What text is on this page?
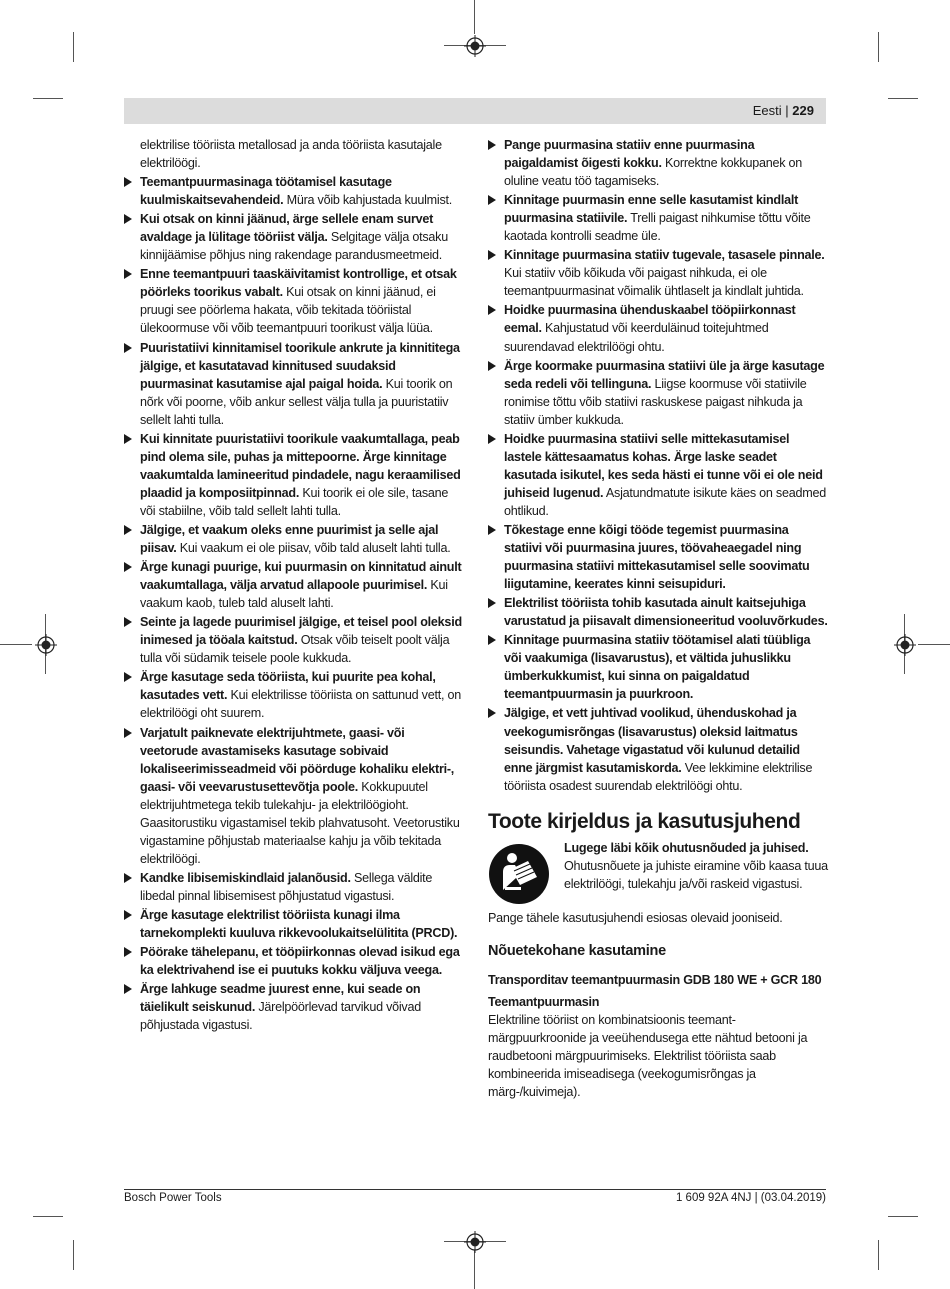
Eesti | 229

elektrilise tööriista metallosad ja anda tööriista kasutajale elektrilöögi.

Teemantpuurmasinaga töötamisel kasutage kuulmiskaitsevahendeid. Müra võib kahjustada kuulmist.
Kui otsak on kinni jäänud, ärge sellele enam survet avaldage ja lülitage tööriist välja. Selgitage välja otsaku kinnijäämise põhjus ning rakendage parandusmeetmeid.
Enne teemantpuuri taaskäivitamist kontrollige, et otsak pöörleks toorikus vabalt. Kui otsak on kinni jäänud, ei pruugi see pöörlema hakata, võib tekitada tööriistal ülekoormuse või võib teemantpuuri toorikust välja lüüa.
Puuristatiivi kinnitamisel toorikule ankrute ja kinnititega jälgige, et kasutatavad kinnitused suudaksid puurmasinat kasutamise ajal paigal hoida. Kui toorik on nõrk või poorne, võib ankur sellest välja tulla ja puuristatiiv sellelt lahti tulla.
Kui kinnitate puuristatiivi toorikule vaakumtallaga, peab pind olema sile, puhas ja mittepoorne. Ärge kinnitage vaakumtalda lamineeritud pindadele, nagu keraamilised plaadid ja komposiitpinnad. Kui toorik ei ole sile, tasane või stabiilne, võib tald sellelt lahti tulla.
Jälgige, et vaakum oleks enne puurimist ja selle ajal piisav. Kui vaakum ei ole piisav, võib tald aluselt lahti tulla.
Ärge kunagi puurige, kui puurmasin on kinnitatud ainult vaakumtallaga, välja arvatud allapoole puurimisel. Kui vaakum kaob, tuleb tald aluselt lahti.
Seinte ja lagede puurimisel jälgige, et teisel pool oleksid inimesed ja tööala kaitstud. Otsak võib teiselt poolt välja tulla või südamik teisele poole kukkuda.
Ärge kasutage seda tööriista, kui puurite pea kohal, kasutades vett. Kui elektrilisse tööriista on sattunud vett, on elektrilöögi oht suurem.
Varjatult paiknevate elektrijuhtmete, gaasi- või veetorude avastamiseks kasutage sobivaid lokaliseerimisseadmeid või pöörduge kohaliku elektri-, gaasi- või veevarustusettevõtja poole. Kokkupuutel elektrijuhtmetega tekib tulekahju- ja elektrilöögioht. Gaasitorustiku vigastamisel tekib plahvatusoht. Veetorustiku vigastamine põhjustab materiaalse kahju ja võib tekitada elektrilöögi.
Kandke libisemiskindlaid jalanõusid. Sellega väldite libedal pinnal libisemisest põhjustatud vigastusi.
Ärge kasutage elektrilist tööriista kunagi ilma tarnekomplekti kuuluva rikkevoolukaitselülitita (PRCD).
Pöörake tähelepanu, et tööpiirkonnas olevad isikud ega ka elektrivahend ise ei puutuks kokku väljuva veega.
Ärge lahkuge seadme juurest enne, kui seade on täielikult seiskunud. Järelpöörlevad tarvikud võivad põhjustada vigastusi.
Pange puurmasina statiiv enne puurmasina paigaldamist õigesti kokku. Korrektne kokkupanek on oluline veatu töö tagamiseks.
Kinnitage puurmasin enne selle kasutamist kindlalt puurmasina statiivile. Trelli paigast nihkumise tõttu võite kaotada kontrolli seadme üle.
Kinnitage puurmasina statiiv tugevale, tasasele pinnale. Kui statiiv võib kõikuda või paigast nihkuda, ei ole teemantpuurmasinat võimalik ühtlaselt ja kindlalt juhtida.
Hoidke puurmasina ühenduskaabel tööpiirkonnast eemal. Kahjustatud või keerduläinud toitejuhtmed suurendavad elektrilöögi ohtu.
Ärge koormake puurmasina statiivi üle ja ärge kasutage seda redeli või tellinguna. Liigse koormuse või statiivile ronimise tõttu võib statiivi raskuskese paigast nihkuda ja statiiv ümber kukkuda.
Hoidke puurmasina statiivi selle mittekasutamisel lastele kättesaamatus kohas. Ärge laske seadet kasutada isikutel, kes seda hästi ei tunne või ei ole neid juhiseid lugenud. Asjatundmatute isikute käes on seadmed ohtlikud.
Tõkestage enne kõigi tööde tegemist puurmasina statiivi või puurmasina juures, töövaheaegadel ning puurmasina statiivi mittekasutamisel selle soovimatu liigutamine, keerates kinni seisupiduri.
Elektrilist tööriista tohib kasutada ainult kaitsejuhiga varustatud ja piisavalt dimensioneeritud vooluvõrkudes.
Kinnitage puurmasina statiiv töötamisel alati tüübliga või vaakumiga (lisavarustus), et vältida juhuslikku ümberkukkumist, kui sinna on paigaldatud teemantpuurmasin ja puurkroon.
Jälgige, et vett juhtivad voolikud, ühenduskohad ja veekogumisrõngas (lisavarustus) oleksid laitmatus seisundis. Vahetage vigastatud või kulunud detailid enne järgmist kasutamiskorda. Vee lekkimine elektrilise tööriista osadest suurendab elektrilöögi ohtu.
Toote kirjeldus ja kasutusjuhend
Lugege läbi kõik ohutusnõuded ja juhised. Ohutusnõuete ja juhiste eiramine võib kaasa tuua elektrilöögi, tulekahju ja/või raskeid vigastusi.

Pange tähele kasutusjuhendi esiosas olevaid jooniseid.

Nõuetekohane kasutamine

Transporditav teemantpuurmasin GDB 180 WE + GCR 180

Teemantpuurmasin

Elektriline tööriist on kombinatsioonis teemant-märgpuurkroonide ja veeühendusega ette nähtud betooni ja raudbetooni märgpuurimiseks. Elektrilist tööriista saab kombineerida imiseadisega (veekogumisrõngas ja märg-/kuivimeja).

Bosch Power Tools	1 609 92A 4NJ | (03.04.2019)
